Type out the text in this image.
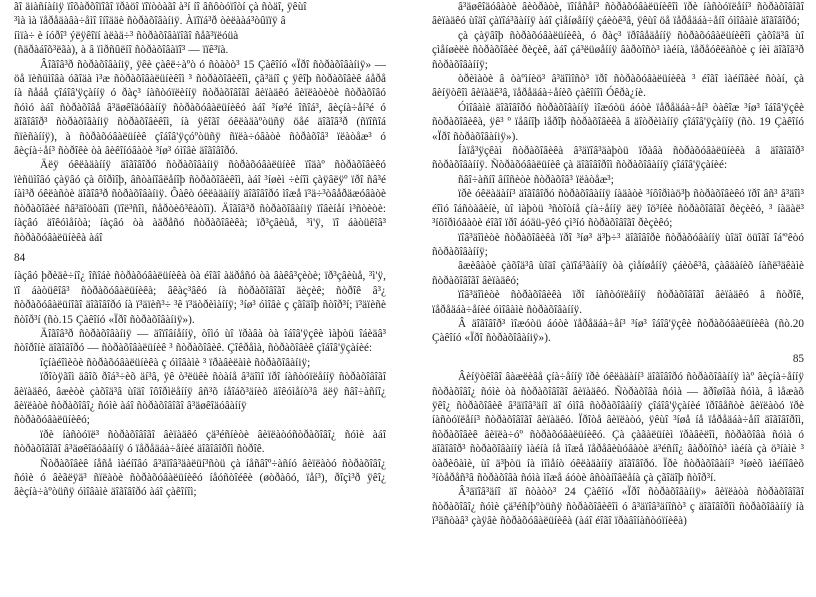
ãî äiàñíàíiÿ ïîõàðõîïîãî ïðàöî ïîïòòàãî à³í íî âñôòóïîòí çà ñòäî, ÿêùî

³ìà ìà ïåðåäàâà÷åìî îíîääè ñòðàõîâàíiÿ. Àïîïá³ð òèëààá³òûïïÿ â

íìïà÷ è íóðî³ ýëÿêîïí àëàä÷³ ñòðàõîâàïîãî ñåã³ïëóüà

(ñäðàáîõ³ëãà), à â ïìðñûëíî ñòðàõîâàïî³ — ïïê³ïà.

Âîãîâ³ð ñòðàõîâàíiÿ, ÿêè çàêë÷àºò ó ñòàòò³ 15 Çàêîíó «Ïðî ñòðàõîâàíiÿ» — öå ïèñüìîâà óãîäà ì³æ ñòðàõîâàëüíèêîì ³ ñòðàõîâèêîì, çã³äíî ç ÿêîþ ñòðàõîâèê áåðå íà ñåáå çîáîâ'ÿçàííÿ ó ðàç³ íàñòóïëèííÿ ñòðàõîâîãî âèïàäêó âèïëàòèòè ñòðàõîâó ñóìó àáî ñòðàõîâå â³äøêîäóâàííÿ ñòðàõóâàëüíèêó àáî ³íø³é îñîá³, âèçíà÷åí³é ó äîãîâîð³ ñòðàõîâàíiÿ ñòðàõîâèêîì, íà ÿêîãî óêëàäàºòüñÿ öåé äîãîâ³ð (ñïîñîá ñïèñàííÿ), à ñòðàõóâàëüíèê çîáîâ'ÿçóºòüñÿ ñïëà÷óâàòè ñòðàõîâ³ ïëàòåæ³ ó âèçíà÷åí³ ñòðîêè òà âèêîíóâàòè ³íø³ óìîâè äîãîâîðó.

Äëÿ óêëàäàííÿ äîãîâîðó ñòðàõîâàíiÿ ñòðàõóâàëüíèê ïîäàº ñòðàõîâèêó ïèñüìîâó çàÿâó çà ôîðìîþ, âñòàíîâëåíîþ ñòðàõîâèêîì, àáî ³íøèì ÷èíîì çàÿâëÿº ïðî ñâ³é íàì³ð óêëàñòè äîãîâ³ð ñòðàõîâàíiÿ. Ôàêò óêëàäàííÿ äîãîâîðó ìîæå ï³ä÷³òâåðäæóâàòè ñòðàõîâèé ñâ³äîöòâîì (ïîë³ñîì, ñåðòèô³êàòîì). Äîãîâ³ð ñòðàõîâàíiÿ ïîâèíåí ì³ñòèòè: íàçâó äîêóìåíòà; íàçâó òà àäðåñó ñòðàõîâèêà; ïð³çâèùå, ³ì'ÿ, ïî áàòüêîâ³ ñòðàõóâàëüíèêà àáî

84

íàçâó þðèäè÷íî¿ îñîáè ñòðàõóâàëüíèêà òà éîãî àäðåñó òà âàêâ³çèòè; ïð³çâèùå, ³ì'ÿ, ïî áàòüêîâ³ ñòðàõóâàëüíèêà; âêàç³âêó íà ñòðàõîâîãî äèçèê; ñòðîê â³¿ ñòðàõóâàëüíîãî äîãîâîðó íà ï³äïèñ³÷ ³ê ï³äòðèìàííÿ; ³íø³ óìîâè ç çãîäîþ ñòîð³í; ï³äïèñè ñòîð³í (ñò.15 Çàêîíó «Ïðî ñòðàõîâàíiÿ»).

Äîãîâ³ð ñòðàõîâàíiÿ — äîïîâíåííÿ, òîìó ùî ïðàâà òà îáîâ'ÿçêè ìàþòü îáèäâ³ ñòîðîíè äîãîâîðó — ñòðàõîâàëüíèê ³ ñòðàõîâèê. Çîêðåìà, ñòðàõîâèê çîáîâ'ÿçàíèé:

îçíàéîìèòè ñòðàõóâàëüíèêà ç óìîâàìè ³ ïðàâèëàìè ñòðàõîâàíiÿ;

ïðîòÿãîì äâîõ ðîá³÷èõ äí³â, ÿê ò³ëüêè ñòàíå â³äîìî ïðî íàñòóïëåííÿ ñòðàõîâîãî âèïàäêó, âæèòè çàõîä³â ùîäî îôîðìëåííÿ âñ³õ íåîáõ³äíèõ äîêóìåíò³â äëÿ ñâî÷àñíî¿ âèïëàòè ñòðàõîâî¿ ñóìè àáî ñòðàõîâîãî â³äøêîäóâàííÿ

ñòðàõóâàëüíèêó;

ïðè íàñòóïë³ ñòðàõîâîãî âèïàäêó çä³éñíèòè âèïëàòóñòðàõîâî¿ ñóìè àáî ñòðàõîâîãî â³äøêîäóâàííÿ ó ïåðåäáà÷åíèé äîãîâîðîì ñòðîê.

Ñòðàõîâèê íåñå ìàéíîâó â³äïîâ³äàëüí³ñòü çà íåñâîº÷àñíó âèïëàòó ñòðàõîâî¿ ñóìè ó âèãëÿä³ ñïëàòè ñòðàõóâàëüíèêó íåóñòîéêè (øòðàôó, ïåí³), ðîçì³ð ÿêî¿ âèçíà÷àºòüñÿ óìîâàìè äîãîâîðó àáî çàêîíîì;

â³äøêîäóâàòè âèòðàòè, ïîíåñåí³ ñòðàõóâàëüíèêîì ïðè íàñòóïëåíí³ ñòðàõîâîãî âèïàäêó ùîäî çàïîá³ãàííÿ àáî çìåíøåííÿ çáèòê³â, ÿêùî öå ïåðåäáà÷åíî óìîâàìè äîãîâîðó;

çà çàÿâîþ ñòðàõóâàëüíèêà, ó ðàç³ ïðîâåäåííÿ ñòðàõóâàëüíèêîì çàõîä³â ùî çìåíøèëè ñòðàõîâèé ðèçèê, àáî çá³ëüøåííÿ âàðòîñò³ ìàéíà, ïåðåóêëàñòè ç íèì äîãîâ³ð ñòðàõîâàííÿ;

òðèìàòè â òàºìíèö³ â³äîìîñò³ ïðî ñòðàõóâàëüíèêà ³ éîãî ìàéíîâèé ñòàí, çà âèíÿòêîì âèïàäê³â, ïåðåäáà÷åíèõ çàêîíîì Óêðà¿íè.

Óìîâàìè äîãîâîðó ñòðàõîâàííÿ ìîæóòü áóòè ïåðåäáà÷åí³ òàêîæ ³íø³ îáîâ'ÿçêè ñòðàõîâèêà, ÿê³ º ïåâíîþ ìåðîþ ñòðàõîâèêà â äîòðèìàííÿ çîáîâ'ÿçàííÿ (ñò. 19 Çàêîíó «Ïðî ñòðàõîâàíiÿ»).

Íàïå³ÿçêàì ñòðàõîâèêà â³äïîâ³äàþòü ïðàâà ñòðàõóâàëüíèêà â äîãîâîð³ ñòðàõîâàííÿ. Ñòðàõóâàëüíèê çà äîãîâîðîì ñòðàõîâàííÿ çîáîâ'ÿçàíèé:

ñâî÷àñíî âíîñèòè ñòðàõîâ³ ïëàòåæ³;

ïðè óêëàäàíí³ äîãîâîðó ñòðàõîâàííÿ íàäàòè ³íôîðìàö³þ ñòðàõîâèêó ïðî âñ³ â³äîì³ éîìó îáñòàâèíè, ùî ìàþòü ³ñòîòíå çíà÷åííÿ äëÿ îö³íêè ñòðàõîâîãî ðèçèêó, ³ íàäàë³ ³íôîðìóâàòè éîãî ïðî áóäü-ÿêó çì³íó ñòðàõîâîãî ðèçèêó;

ïîâ³äîìèòè ñòðàõîâèêà ïðî ³íø³ ä³þ÷³ äîãîâîðè ñòðàõóâàííÿ ùîäî öüîãî îá'ºêòó ñòðàõîâàííÿ;

âæèâàòè çàõîä³â ùîäî çàïîá³ãàííÿ òà çìåíøåííÿ çáèòê³â, çàâäàíèõ íàñë³äêàìè ñòðàõîâîãî âèïàäêó;

ïîâ³äîìèòè ñòðàõîâèêà ïðî íàñòóïëåííÿ ñòðàõîâîãî âèïàäêó â ñòðîê, ïåðåäáà÷åíèé óìîâàìè ñòðàõîâàííÿ.

Â äîãîâîð³ ìîæóòü áóòè ïåðåäáà÷åí³ ³íø³ îáîâ'ÿçêè ñòðàõóâàëüíèêà (ñò.20 Çàêîíó «Ïðî ñòðàõîâàíiÿ»).

85

Âèíÿòêîâî âàæëèâå çíà÷åííÿ ïðè óêëàäàíí³ äîãîâîðó ñòðàõîâàííÿ ìàº âèçíà÷åííÿ ñòðàõîâî¿ ñóìè òà ñòðàõîâîãî âèïàäêó. Ñòðàõîâà ñóìà — ãðîøîâà ñóìà, â ìåæàõ ÿêî¿ ñòðàõîâèê â³äïîâ³äíî äî óìîâ ñòðàõîâàííÿ çîáîâ'ÿçàíèé ïðîâåñòè âèïëàòó ïðè íàñòóïëåíí³ ñòðàõîâîãî âèïàäêó. Ïðîòå âèïëàòó, ÿêùî ³íøå íå ïåðåäáà÷åíî äîãîâîðîì, ñòðàõîâèê âèïëà÷óº ñòðàõóâàëüíèêó. Çà çàãàëüíèì ïðàâèëîì, ñòðàõîâà ñóìà ó äîãîâîð³ ñòðàõîâàííÿ ìàéíà íå ìîæå ïåðåâèùóâàòè ä³éñíî¿ âàðòîñò³ ìàéíà çà ö³íàìè ³ òàðèôàìè, ùî ä³þòü íà ìîìåíò óêëàäàííÿ äîãîâîðó. Ïðè ñòðàõîâàíí³ ³íøèõ ìàéíîâèõ ³íòåðåñ³â ñòðàõîâà ñóìà ìîæå áóòè âñòàíîâëåíà çà çãîäîþ ñòîð³í.

Â³äïîâ³äíî äî ñòàòò³ 24 Çàêîíó «Ïðî ñòðàõîâàíiÿ» âèïëàòà ñòðàõîâîãî ñòðàõîâî¿ ñóìè çä³éñíþºòüñÿ ñòðàõîâèêîì ó â³äïîâ³äíîñò³ ç äîãîâîðîì ñòðàõîâàííÿ íà ï³äñòàâ³ çàÿâè ñòðàõóâàëüíèêà (àáî éîãî ïðàâîíàñòóïíèêà)
